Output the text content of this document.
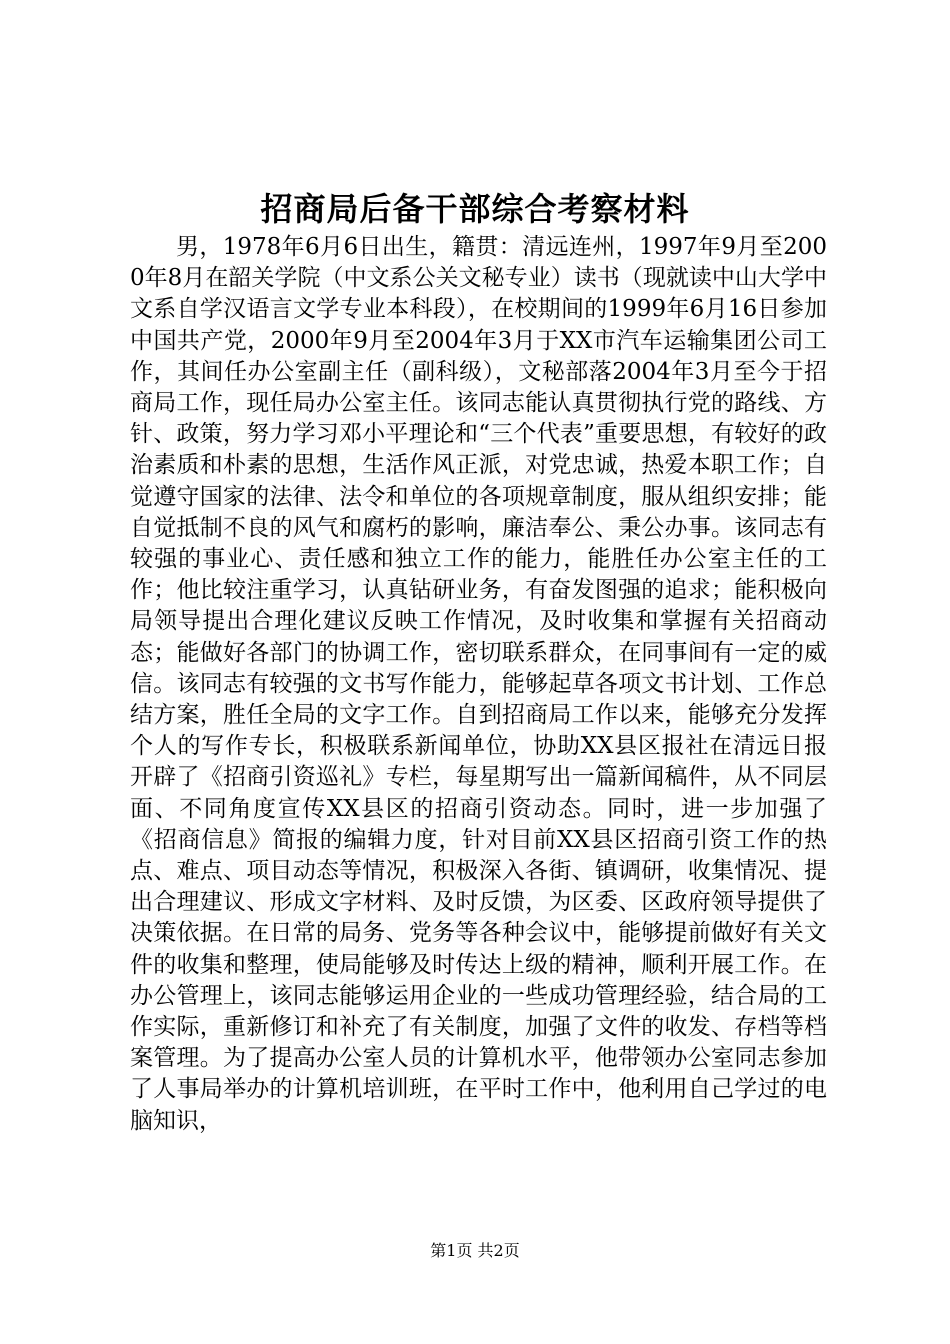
招商局后备干部综合考察材料

男，1978年6月6日出生，籍贯：清远连州，1997年9月至2000年8月在韶关学院（中文系公关文秘专业）读书（现就读中山大学中文系自学汉语言文学专业本科段），在校期间的1999年6月16日参加中国共产党，2000年9月至2004年3月于XX市汽车运输集团公司工作，其间任办公室副主任（副科级），文秘部落2004年3月至今于招商局工作，现任局办公室主任。该同志能认真贯彻执行党的路线、方针、政策，努力学习邓小平理论和“三个代表”重要思想，有较好的政治素质和朴素的思想，生活作风正派，对党忠诚，热爱本职工作；自觉遵守国家的法律、法令和单位的各项规章制度，服从组织安排；能自觉抵制不良的风气和腐朽的影响，廉洁奉公、秉公办事。该同志有较强的事业心、责任感和独立工作的能力，能胜任办公室主任的工作；他比较注重学习，认真钻研业务，有奋发图强的追求；能积极向局领导提出合理化建议反映工作情况，及时收集和掌握有关招商动态；能做好各部门的协调工作，密切联系群众，在同事间有一定的威信。该同志有较强的文书写作能力，能够起草各项文书计划、工作总结方案，胜任全局的文字工作。自到招商局工作以来，能够充分发挥个人的写作专长，积极联系新闻单位，协助XX县区报社在清远日报开辟了《招商引资巡礼》专栏，每星期写出一篇新闻稿件，从不同层面、不同角度宣传XX县区的招商引资动态。同时，进一步加强了《招商信息》简报的编辑力度，针对目前XX县区招商引资工作的热点、难点、项目动态等情况，积极深入各街、镇调研，收集情况、提出合理建议、形成文字材料、及时反馈，为区委、区政府领导提供了决策依据。在日常的局务、党务等各种会议中，能够提前做好有关文件的收集和整理，使局能够及时传达上级的精神，顺利开展工作。在办公管理上，该同志能够运用企业的一些成功管理经验，结合局的工作实际，重新修订和补充了有关制度，加强了文件的收发、存档等档案管理。为了提高办公室人员的计算机水平，他带领办公室同志参加了人事局举办的计算机培训班，在平时工作中，他利用自己学过的电脑知识，

第1页 共2页
